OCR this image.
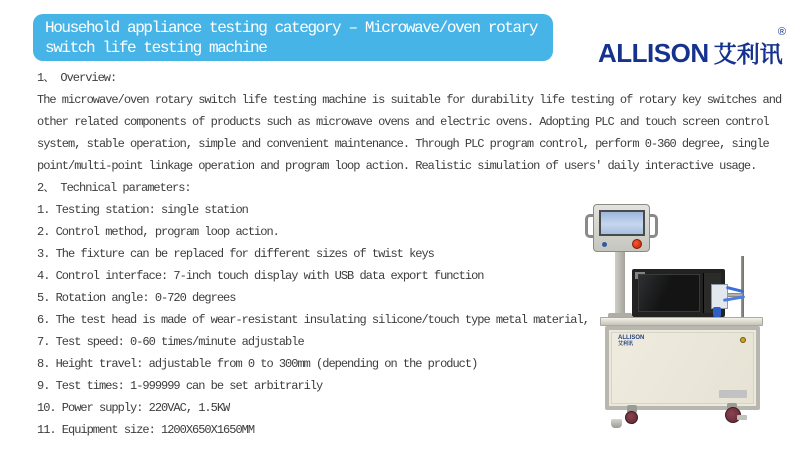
Household appliance testing category – Microwave/oven rotary
switch life testing machine	ALLISON 艾利讯
®
1、 Overview:
The microwave/oven rotary switch life testing machine is suitable for durability life testing of rotary key switches and
other related components of products such as microwave ovens and electric ovens. Adopting PLC and touch screen control
system, stable operation, simple and convenient maintenance. Through PLC program control, perform 0-360 degree, single
point/multi-point linkage operation and program loop action. Realistic simulation of users' daily interactive usage.
2、 Technical parameters:
1. Testing station: single station
2. Control method, program loop action.
3. The fixture can be replaced for different sizes of twist keys
4. Control interface: 7-inch touch display with USB data export function
5. Rotation angle: 0-720 degrees
6. The test head is made of wear-resistant insulating silicone/touch type metal material,
7. Test speed: 0-60 times/minute adjustable
8. Height travel: adjustable from 0 to 300mm (depending on the product)
9. Test times: 1-999999 can be set arbitrarily
10. Power supply: 220VAC, 1.5KW
11. Equipment size: 1200X650X1650MM
ALLISON
艾利讯
